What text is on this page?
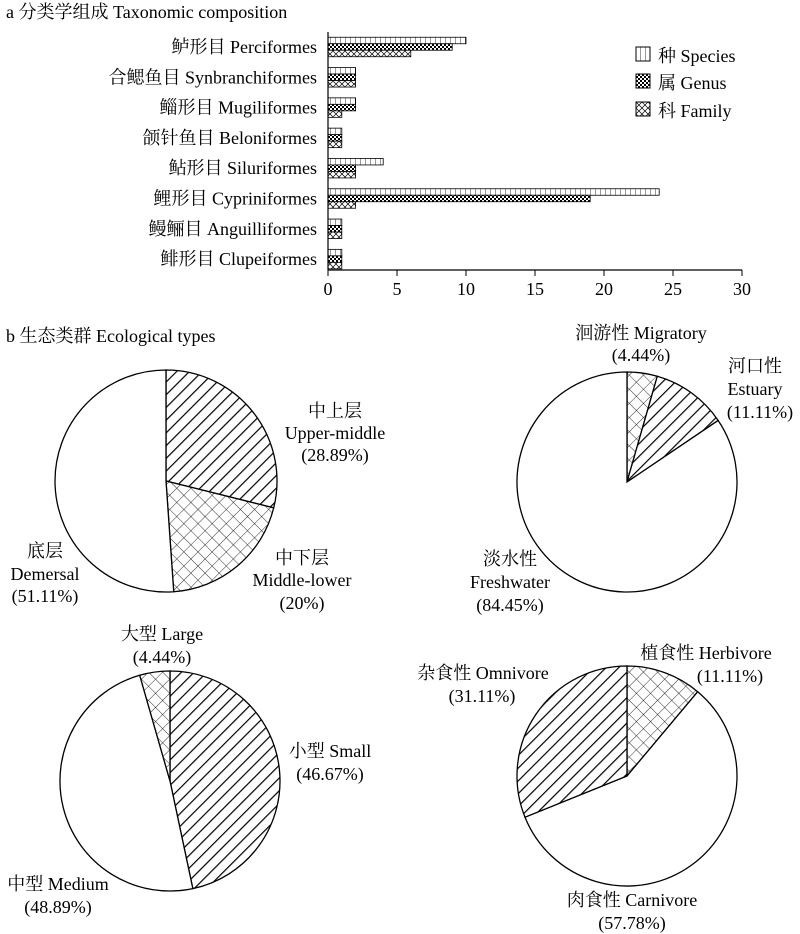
a 分类学组成 Taxonomic composition
鲈形目 Perciformes
合鳃鱼目 Synbranchiformes
鲻形目 Mugiliformes
颌针鱼目 Beloniformes
鲇形目 Siluriformes
鲤形目 Cypriniformes
鳗鲡目 Anguilliformes
鲱形目 Clupeiformes
0	5	10	15	20	25	30
种 Species
属 Genus
科 Family
b 生态类群 Ecological types
中上层
Upper-middle
(28.89%)
中下层
Middle-lower
(20%)
底层
Demersal
(51.11%)
洄游性 Migratory
(4.44%)
河口性
Estuary
(11.11%)
淡水性
Freshwater
(84.45%)
大型 Large
(4.44%)
小型 Small
(46.67%)
中型 Medium
(48.89%)
植食性 Herbivore
(11.11%)
杂食性 Omnivore
(31.11%)
肉食性 Carnivore
(57.78%)
